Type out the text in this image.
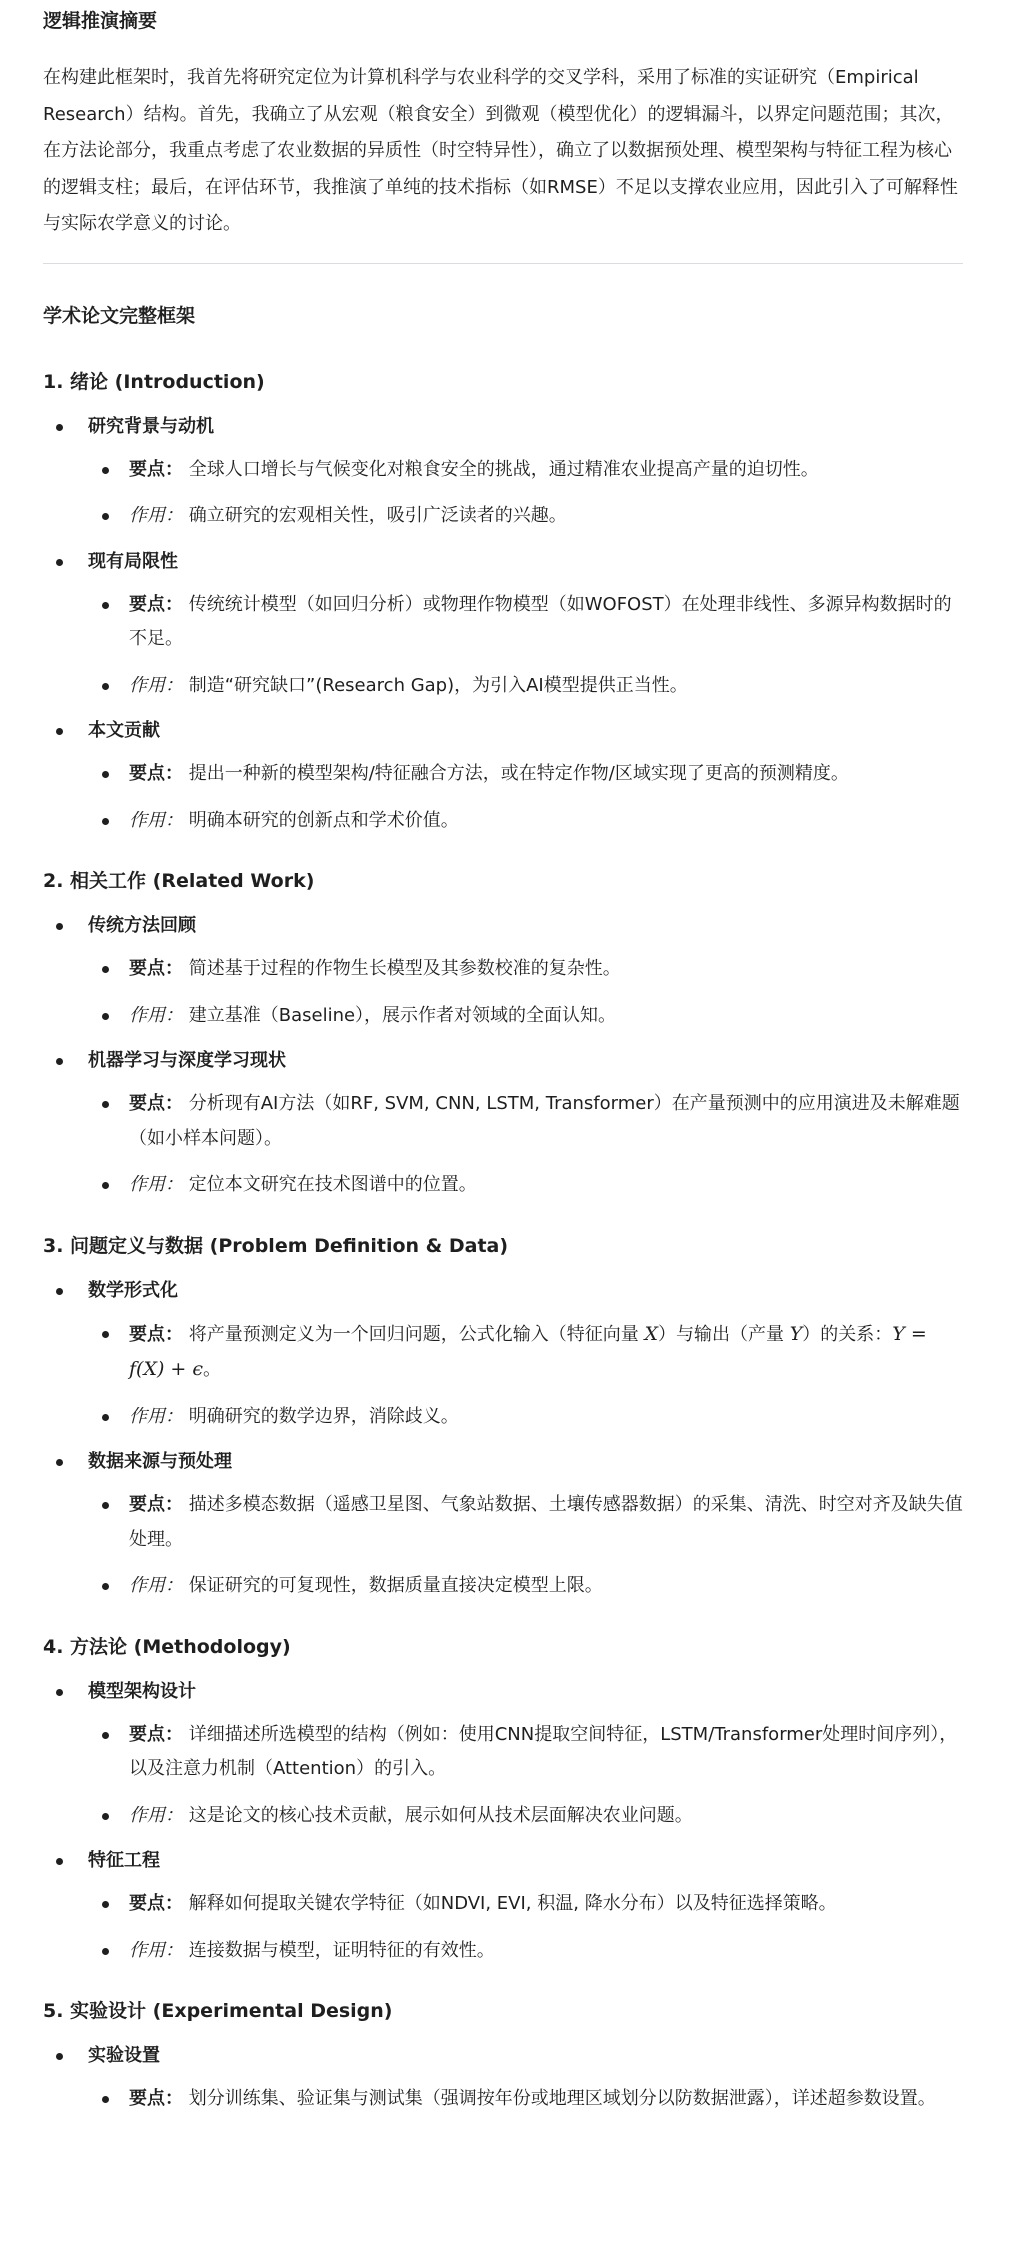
逻辑推演摘要

在构建此框架时，我首先将研究定位为计算机科学与农业科学的交叉学科，采用了标准的实证研究（Empirical Research）结构。首先，我确立了从宏观（粮食安全）到微观（模型优化）的逻辑漏斗，以界定问题范围；其次，在方法论部分，我重点考虑了农业数据的异质性（时空特异性），确立了以数据预处理、模型架构与特征工程为核心的逻辑支柱；最后，在评估环节，我推演了单纯的技术指标（如RMSE）不足以支撑农业应用，因此引入了可解释性与实际农学意义的讨论。

学术论文完整框架
1. 绪论 (Introduction)
研究背景与动机
要点： 全球人口增长与气候变化对粮食安全的挑战，通过精准农业提高产量的迫切性。
作用： 确立研究的宏观相关性，吸引广泛读者的兴趣。
现有局限性
要点： 传统统计模型（如回归分析）或物理作物模型（如WOFOST）在处理非线性、多源异构数据时的不足。
作用： 制造“研究缺口”(Research Gap)，为引入AI模型提供正当性。
本文贡献
要点： 提出一种新的模型架构/特征融合方法，或在特定作物/区域实现了更高的预测精度。
作用： 明确本研究的创新点和学术价值。
2. 相关工作 (Related Work)
传统方法回顾
要点： 简述基于过程的作物生长模型及其参数校准的复杂性。
作用： 建立基准（Baseline），展示作者对领域的全面认知。
机器学习与深度学习现状
要点： 分析现有AI方法（如RF, SVM, CNN, LSTM, Transformer）在产量预测中的应用演进及未解难题（如小样本问题）。
作用： 定位本文研究在技术图谱中的位置。
3. 问题定义与数据 (Problem Definition & Data)
数学形式化
要点： 将产量预测定义为一个回归问题，公式化输入（特征向量 X）与输出（产量 Y）的关系：Y = f(X) + ϵ。
作用： 明确研究的数学边界，消除歧义。
数据来源与预处理
要点： 描述多模态数据（遥感卫星图、气象站数据、土壤传感器数据）的采集、清洗、时空对齐及缺失值处理。
作用： 保证研究的可复现性，数据质量直接决定模型上限。
4. 方法论 (Methodology)
模型架构设计
要点： 详细描述所选模型的结构（例如：使用CNN提取空间特征，LSTM/Transformer处理时间序列），以及注意力机制（Attention）的引入。
作用： 这是论文的核心技术贡献，展示如何从技术层面解决农业问题。
特征工程
要点： 解释如何提取关键农学特征（如NDVI, EVI, 积温, 降水分布）以及特征选择策略。
作用： 连接数据与模型，证明特征的有效性。
5. 实验设计 (Experimental Design)
实验设置
要点： 划分训练集、验证集与测试集（强调按年份或地理区域划分以防数据泄露），详述超参数设置。
